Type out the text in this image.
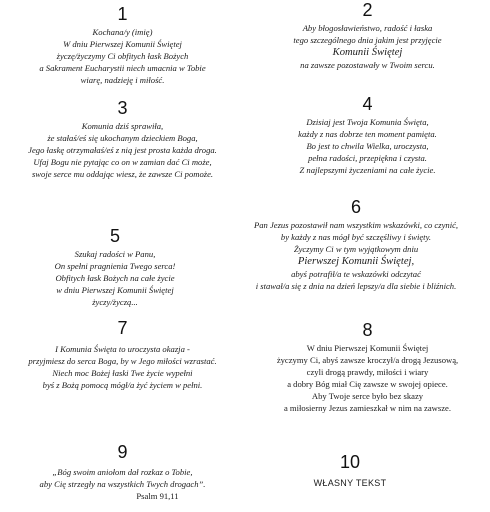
1
Kochana/y (imię)
W dniu Pierwszej Komunii Świętej
życzę/życzymy Ci obfitych łask Bożych
a Sakrament Eucharystii niech umacnia w Tobie
wiarę, nadzieję i miłość.
2
Aby błogosławieństwo, radość i łaska
tego szczególnego dnia jakim jest przyjęcie
Komunii Świętej
na zawsze pozostawały w Twoim sercu.
3
Komunia dziś sprawiła,
że stałaś/eś się ukochanym dzieckiem Boga,
Jego łaskę otrzymałaś/eś z nią jest prosta każda droga.
Ufaj Bogu nie pytając co on w zamian dać Ci może,
swoje serce mu oddając wiesz, że zawsze Ci pomoże.
4
Dzisiaj jest Twoja Komunia Święta,
każdy z nas dobrze ten moment pamięta.
Bo jest to chwila Wielka, uroczysta,
pełna radości, przepiękna i czysta.
Z najlepszymi życzeniami na całe życie.
5
Szukaj radości w Panu,
On spełni pragnienia Twego serca!
Obfitych łask Bożych na całe życie
w dniu Pierwszej Komunii Świętej
życzy/życzą...
6
Pan Jezus pozostawił nam wszystkim wskazówki, co czynić,
by każdy z nas mógł być szczęśliwy i święty.
Życzymy Ci w tym wyjątkowym dniu
Pierwszej Komunii Świętej,
abyś potrafił/a te wskazówki odczytać
i stawał/a się z dnia na dzień lepszy/a dla siebie i bliźnich.
7
I Komunia Święta to uroczysta okazja -
przyjmiesz do serca Boga, by w Jego miłości wzrastać.
Niech moc Bożej łaski Twe życie wypełni
byś z Bożą pomocą mógł/a żyć życiem w pełni.
8
W dniu Pierwszej Komunii Świętej
życzymy Ci, abyś zawsze kroczył/a drogą Jezusową,
czyli drogą prawdy, miłości i wiary
a dobry Bóg miał Cię zawsze w swojej opiece.
Aby Twoje serce było bez skazy
a miłosierny Jezus zamieszkał w nim na zawsze.
9
„Bóg swoim aniołom dał rozkaz o Tobie,
aby Cię strzegły na wszystkich Twych drogach”.
Psalm 91,11
10
WŁASNY TEKST
